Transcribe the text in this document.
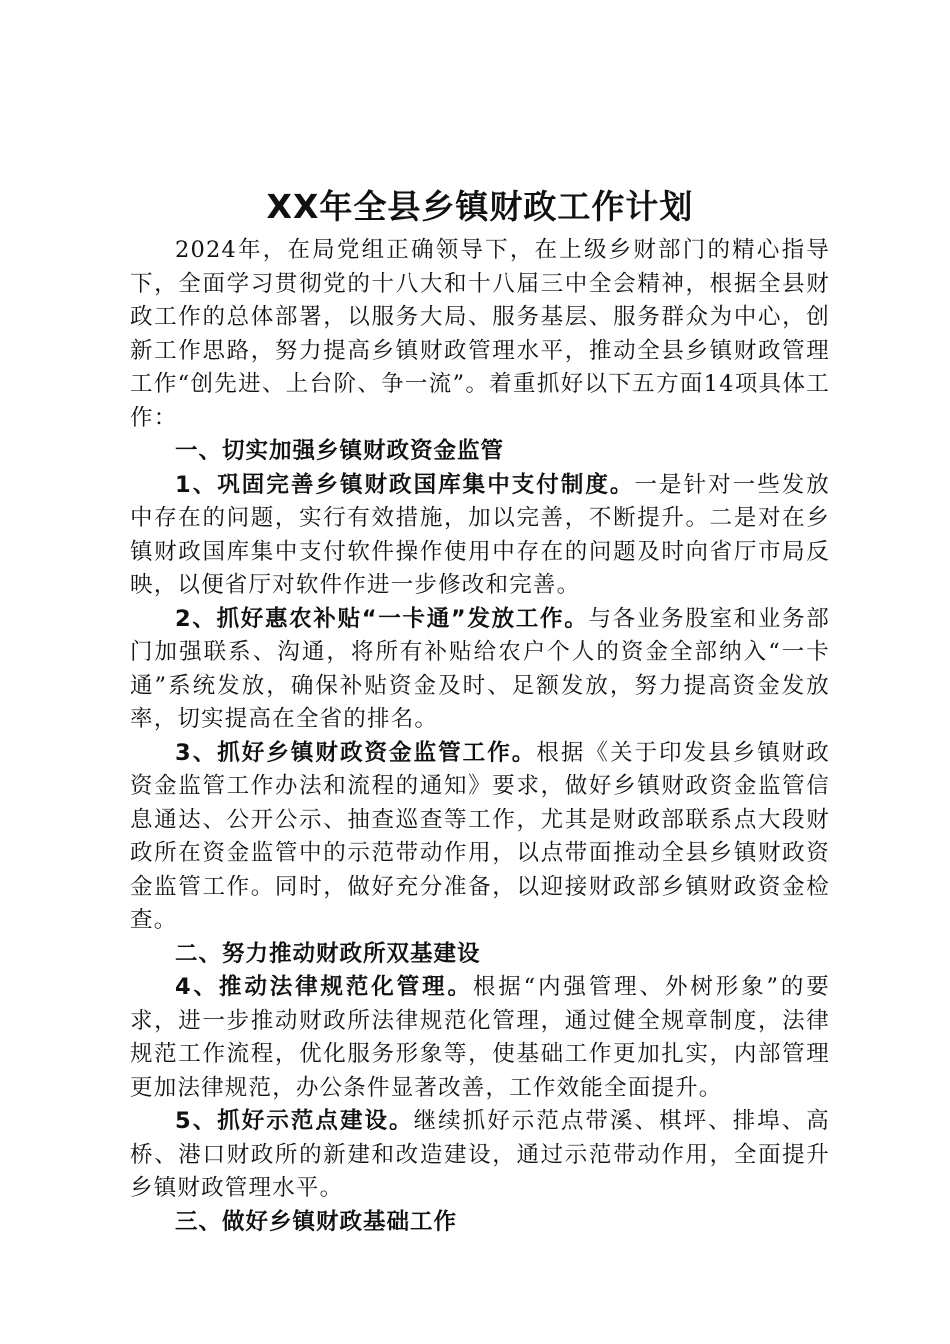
XX年全县乡镇财政工作计划

2024年，在局党组正确领导下，在上级乡财部门的精心指导下，全面学习贯彻党的十八大和十八届三中全会精神，根据全县财政工作的总体部署，以服务大局、服务基层、服务群众为中心，创新工作思路，努力提高乡镇财政管理水平，推动全县乡镇财政管理工作“创先进、上台阶、争一流”。着重抓好以下五方面14项具体工作：

一、切实加强乡镇财政资金监管

1、巩固完善乡镇财政国库集中支付制度。一是针对一些发放中存在的问题，实行有效措施，加以完善，不断提升。二是对在乡镇财政国库集中支付软件操作使用中存在的问题及时向省厅市局反映，以便省厅对软件作进一步修改和完善。

2、抓好惠农补贴“一卡通”发放工作。与各业务股室和业务部门加强联系、沟通，将所有补贴给农户个人的资金全部纳入“一卡通”系统发放，确保补贴资金及时、足额发放，努力提高资金发放率，切实提高在全省的排名。

3、抓好乡镇财政资金监管工作。根据《关于印发县乡镇财政资金监管工作办法和流程的通知》要求，做好乡镇财政资金监管信息通达、公开公示、抽查巡查等工作，尤其是财政部联系点大段财政所在资金监管中的示范带动作用，以点带面推动全县乡镇财政资金监管工作。同时，做好充分准备，以迎接财政部乡镇财政资金检查。

二、努力推动财政所双基建设

4、推动法律规范化管理。根据“内强管理、外树形象”的要求，进一步推动财政所法律规范化管理，通过健全规章制度，法律规范工作流程，优化服务形象等，使基础工作更加扎实，内部管理更加法律规范，办公条件显著改善，工作效能全面提升。

5、抓好示范点建设。继续抓好示范点带溪、棋坪、排埠、高桥、港口财政所的新建和改造建设，通过示范带动作用，全面提升乡镇财政管理水平。

三、做好乡镇财政基础工作
